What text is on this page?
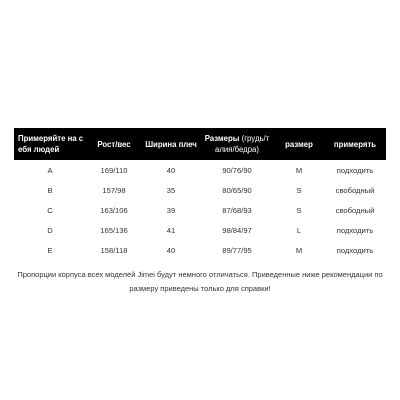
Примеряйте на с ебя людей	Рост/вес	Ширина плеч	Размеры (грудь/т алия/бедра)	размер	примерять
A	169/110	40	90/76/90	M	подходить
B	157/98	35	80/65/90	S	свободный
C	163/106	39	87/68/93	S	свободный
D	165/136	41	98/84/97	L	подходить
E	158/118	40	89/77/95	M	подходить

Пропорции корпуса всех моделей Jimei будут немного отличаться. Приведенные ниже рекомендации по размеру приведены только для справки!
